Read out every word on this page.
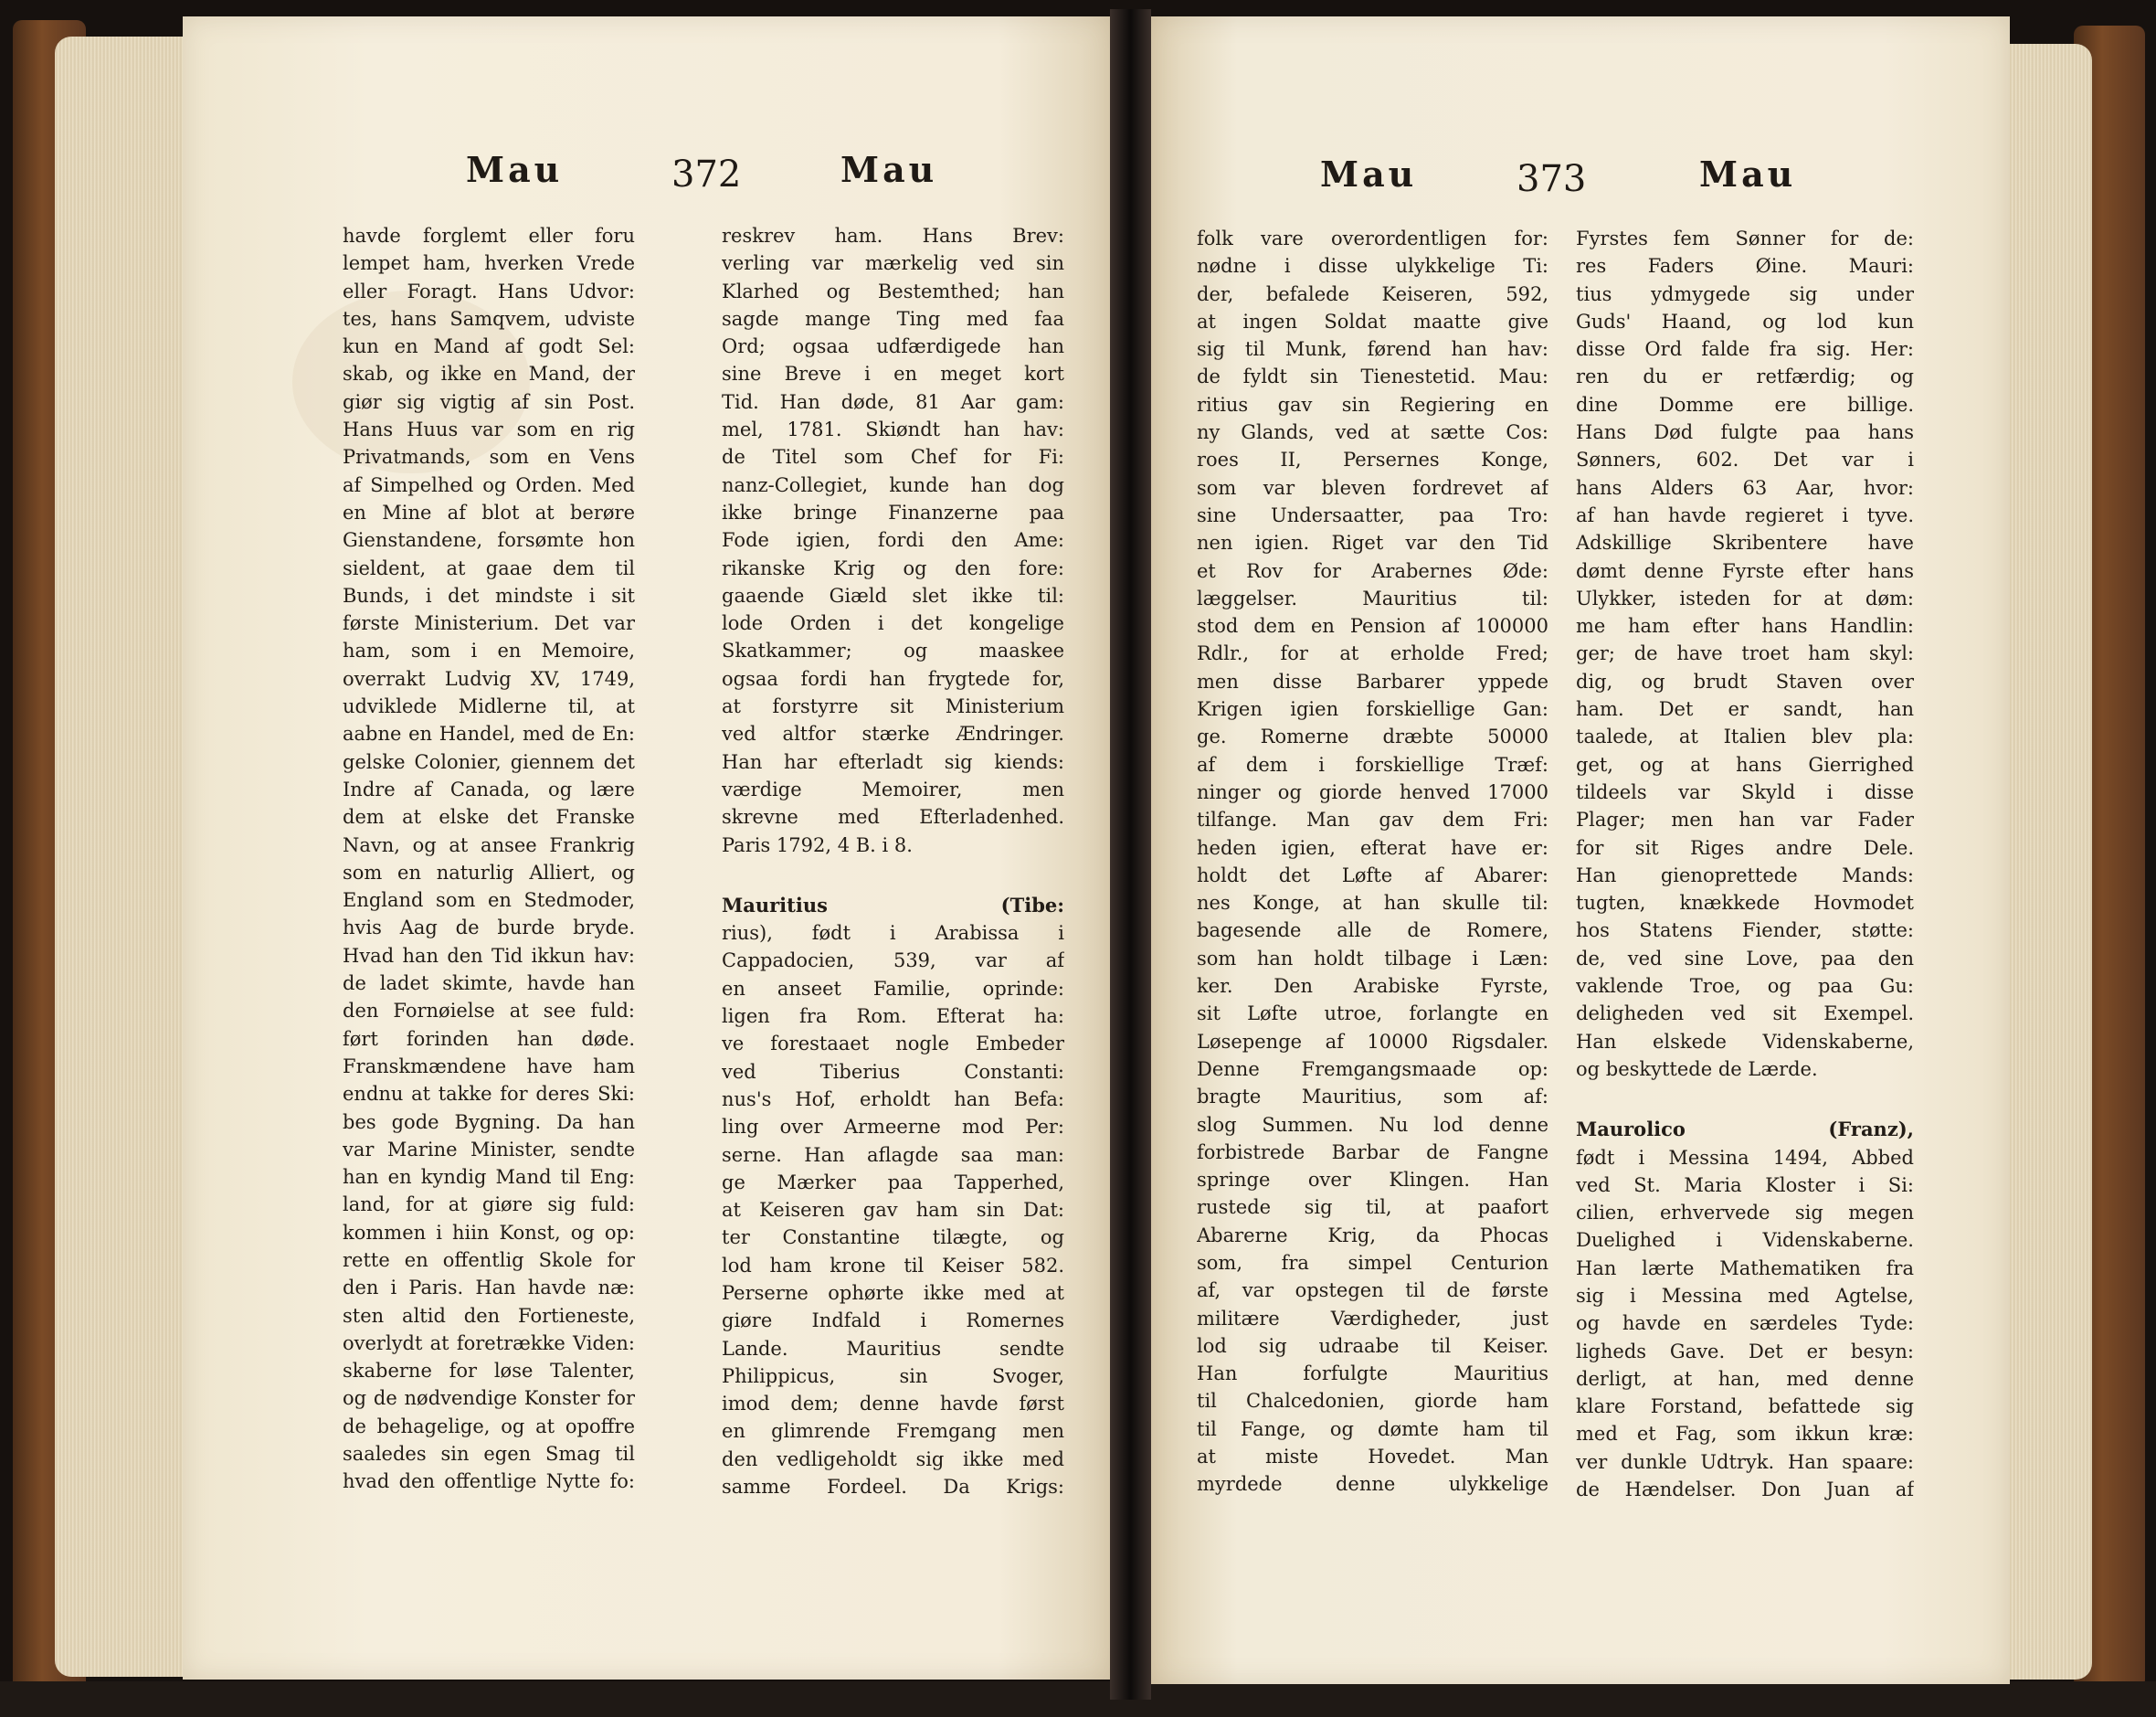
Mau	372	Mau
havde forglemt eller foru
lempet ham, hverken Vrede
eller Foragt. Hans Udvor:
tes, hans Samqvem, udviste
kun en Mand af godt Sel:
skab, og ikke en Mand, der
giør sig vigtig af sin Post.
Hans Huus var som en rig
Privatmands, som en Vens
af Simpelhed og Orden. Med
en Mine af blot at berøre
Gienstandene, forsømte hon
sieldent, at gaae dem til
Bunds, i det mindste i sit
første Ministerium. Det var
ham, som i en Memoire,
overrakt Ludvig XV, 1749,
udviklede Midlerne til, at
aabne en Handel, med de En:
gelske Colonier, giennem det
Indre af Canada, og lære
dem at elske det Franske
Navn, og at ansee Frankrig
som en naturlig Alliert, og
England som en Stedmoder,
hvis Aag de burde bryde.
Hvad han den Tid ikkun hav:
de ladet skimte, havde han
den Fornøielse at see fuld:
ført forinden han døde.
Franskmændene have ham
endnu at takke for deres Ski:
bes gode Bygning. Da han
var Marine Minister, sendte
han en kyndig Mand til Eng:
land, for at giøre sig fuld:
kommen i hiin Konst, og op:
rette en offentlig Skole for
den i Paris. Han havde næ:
sten altid den Fortieneste,
overlydt at foretrække Viden:
skaberne for løse Talenter,
og de nødvendige Konster for
de behagelige, og at opoffre
saaledes sin egen Smag til
hvad den offentlige Nytte fo:
reskrev ham. Hans Brev:
verling var mærkelig ved sin
Klarhed og Bestemthed; han
sagde mange Ting med faa
Ord; ogsaa udfærdigede han
sine Breve i en meget kort
Tid. Han døde, 81 Aar gam:
mel, 1781. Skiøndt han hav:
de Titel som Chef for Fi:
nanz-Collegiet, kunde han dog
ikke bringe Finanzerne paa
Fode igien, fordi den Ame:
rikanske Krig og den fore:
gaaende Giæld slet ikke til:
lode Orden i det kongelige
Skatkammer; og maaskee
ogsaa fordi han frygtede for,
at forstyrre sit Ministerium
ved altfor stærke Ændringer.
Han har efterladt sig kiends:
værdige Memoirer, men
skrevne med Efterladenhed.
Paris 1792, 4 B. i 8.
Mauritius (Tibe:
rius), født i Arabissa i
Cappadocien, 539, var af
en anseet Familie, oprinde:
ligen fra Rom. Efterat ha:
ve forestaaet nogle Embeder
ved Tiberius Constanti:
nus's Hof, erholdt han Befa:
ling over Armeerne mod Per:
serne. Han aflagde saa man:
ge Mærker paa Tapperhed,
at Keiseren gav ham sin Dat:
ter Constantine tilægte, og
lod ham krone til Keiser 582.
Perserne ophørte ikke med at
giøre Indfald i Romernes
Lande. Mauritius sendte
Philippicus, sin Svoger,
imod dem; denne havde først
en glimrende Fremgang men
den vedligeholdt sig ikke med
samme Fordeel. Da Krigs:
Mau	373	Mau
folk vare overordentligen for:
nødne i disse ulykkelige Ti:
der, befalede Keiseren, 592,
at ingen Soldat maatte give
sig til Munk, førend han hav:
de fyldt sin Tienestetid. Mau:
ritius gav sin Regiering en
ny Glands, ved at sætte Cos:
roes II, Persernes Konge,
som var bleven fordrevet af
sine Undersaatter, paa Tro:
nen igien. Riget var den Tid
et Rov for Arabernes Øde:
læggelser. Mauritius til:
stod dem en Pension af 100000
Rdlr., for at erholde Fred;
men disse Barbarer yppede
Krigen igien forskiellige Gan:
ge. Romerne dræbte 50000
af dem i forskiellige Træf:
ninger og giorde henved 17000
tilfange. Man gav dem Fri:
heden igien, efterat have er:
holdt det Løfte af Abarer:
nes Konge, at han skulle til:
bagesende alle de Romere,
som han holdt tilbage i Læn:
ker. Den Arabiske Fyrste,
sit Løfte utroe, forlangte en
Løsepenge af 10000 Rigsdaler.
Denne Fremgangsmaade op:
bragte Mauritius, som af:
slog Summen. Nu lod denne
forbistrede Barbar de Fangne
springe over Klingen. Han
rustede sig til, at paafort
Abarerne Krig, da Phocas
som, fra simpel Centurion
af, var opstegen til de første
militære Værdigheder, just
lod sig udraabe til Keiser.
Han forfulgte Mauritius
til Chalcedonien, giorde ham
til Fange, og dømte ham til
at miste Hovedet. Man
myrdede denne ulykkelige
Fyrstes fem Sønner for de:
res Faders Øine. Mauri:
tius ydmygede sig under
Guds' Haand, og lod kun
disse Ord falde fra sig. Her:
ren du er retfærdig; og
dine Domme ere billige.
Hans Død fulgte paa hans
Sønners, 602. Det var i
hans Alders 63 Aar, hvor:
af han havde regieret i tyve.
Adskillige Skribentere have
dømt denne Fyrste efter hans
Ulykker, isteden for at døm:
me ham efter hans Handlin:
ger; de have troet ham skyl:
dig, og brudt Staven over
ham. Det er sandt, han
taalede, at Italien blev pla:
get, og at hans Gierrighed
tildeels var Skyld i disse
Plager; men han var Fader
for sit Riges andre Dele.
Han gienoprettede Mands:
tugten, knækkede Hovmodet
hos Statens Fiender, støtte:
de, ved sine Love, paa den
vaklende Troe, og paa Gu:
deligheden ved sit Exempel.
Han elskede Videnskaberne,
og beskyttede de Lærde.
Maurolico (Franz),
født i Messina 1494, Abbed
ved St. Maria Kloster i Si:
cilien, erhvervede sig megen
Duelighed i Videnskaberne.
Han lærte Mathematiken fra
sig i Messina med Agtelse,
og havde en særdeles Tyde:
ligheds Gave. Det er besyn:
derligt, at han, med denne
klare Forstand, befattede sig
med et Fag, som ikkun kræ:
ver dunkle Udtryk. Han spaare:
de Hændelser. Don Juan af
